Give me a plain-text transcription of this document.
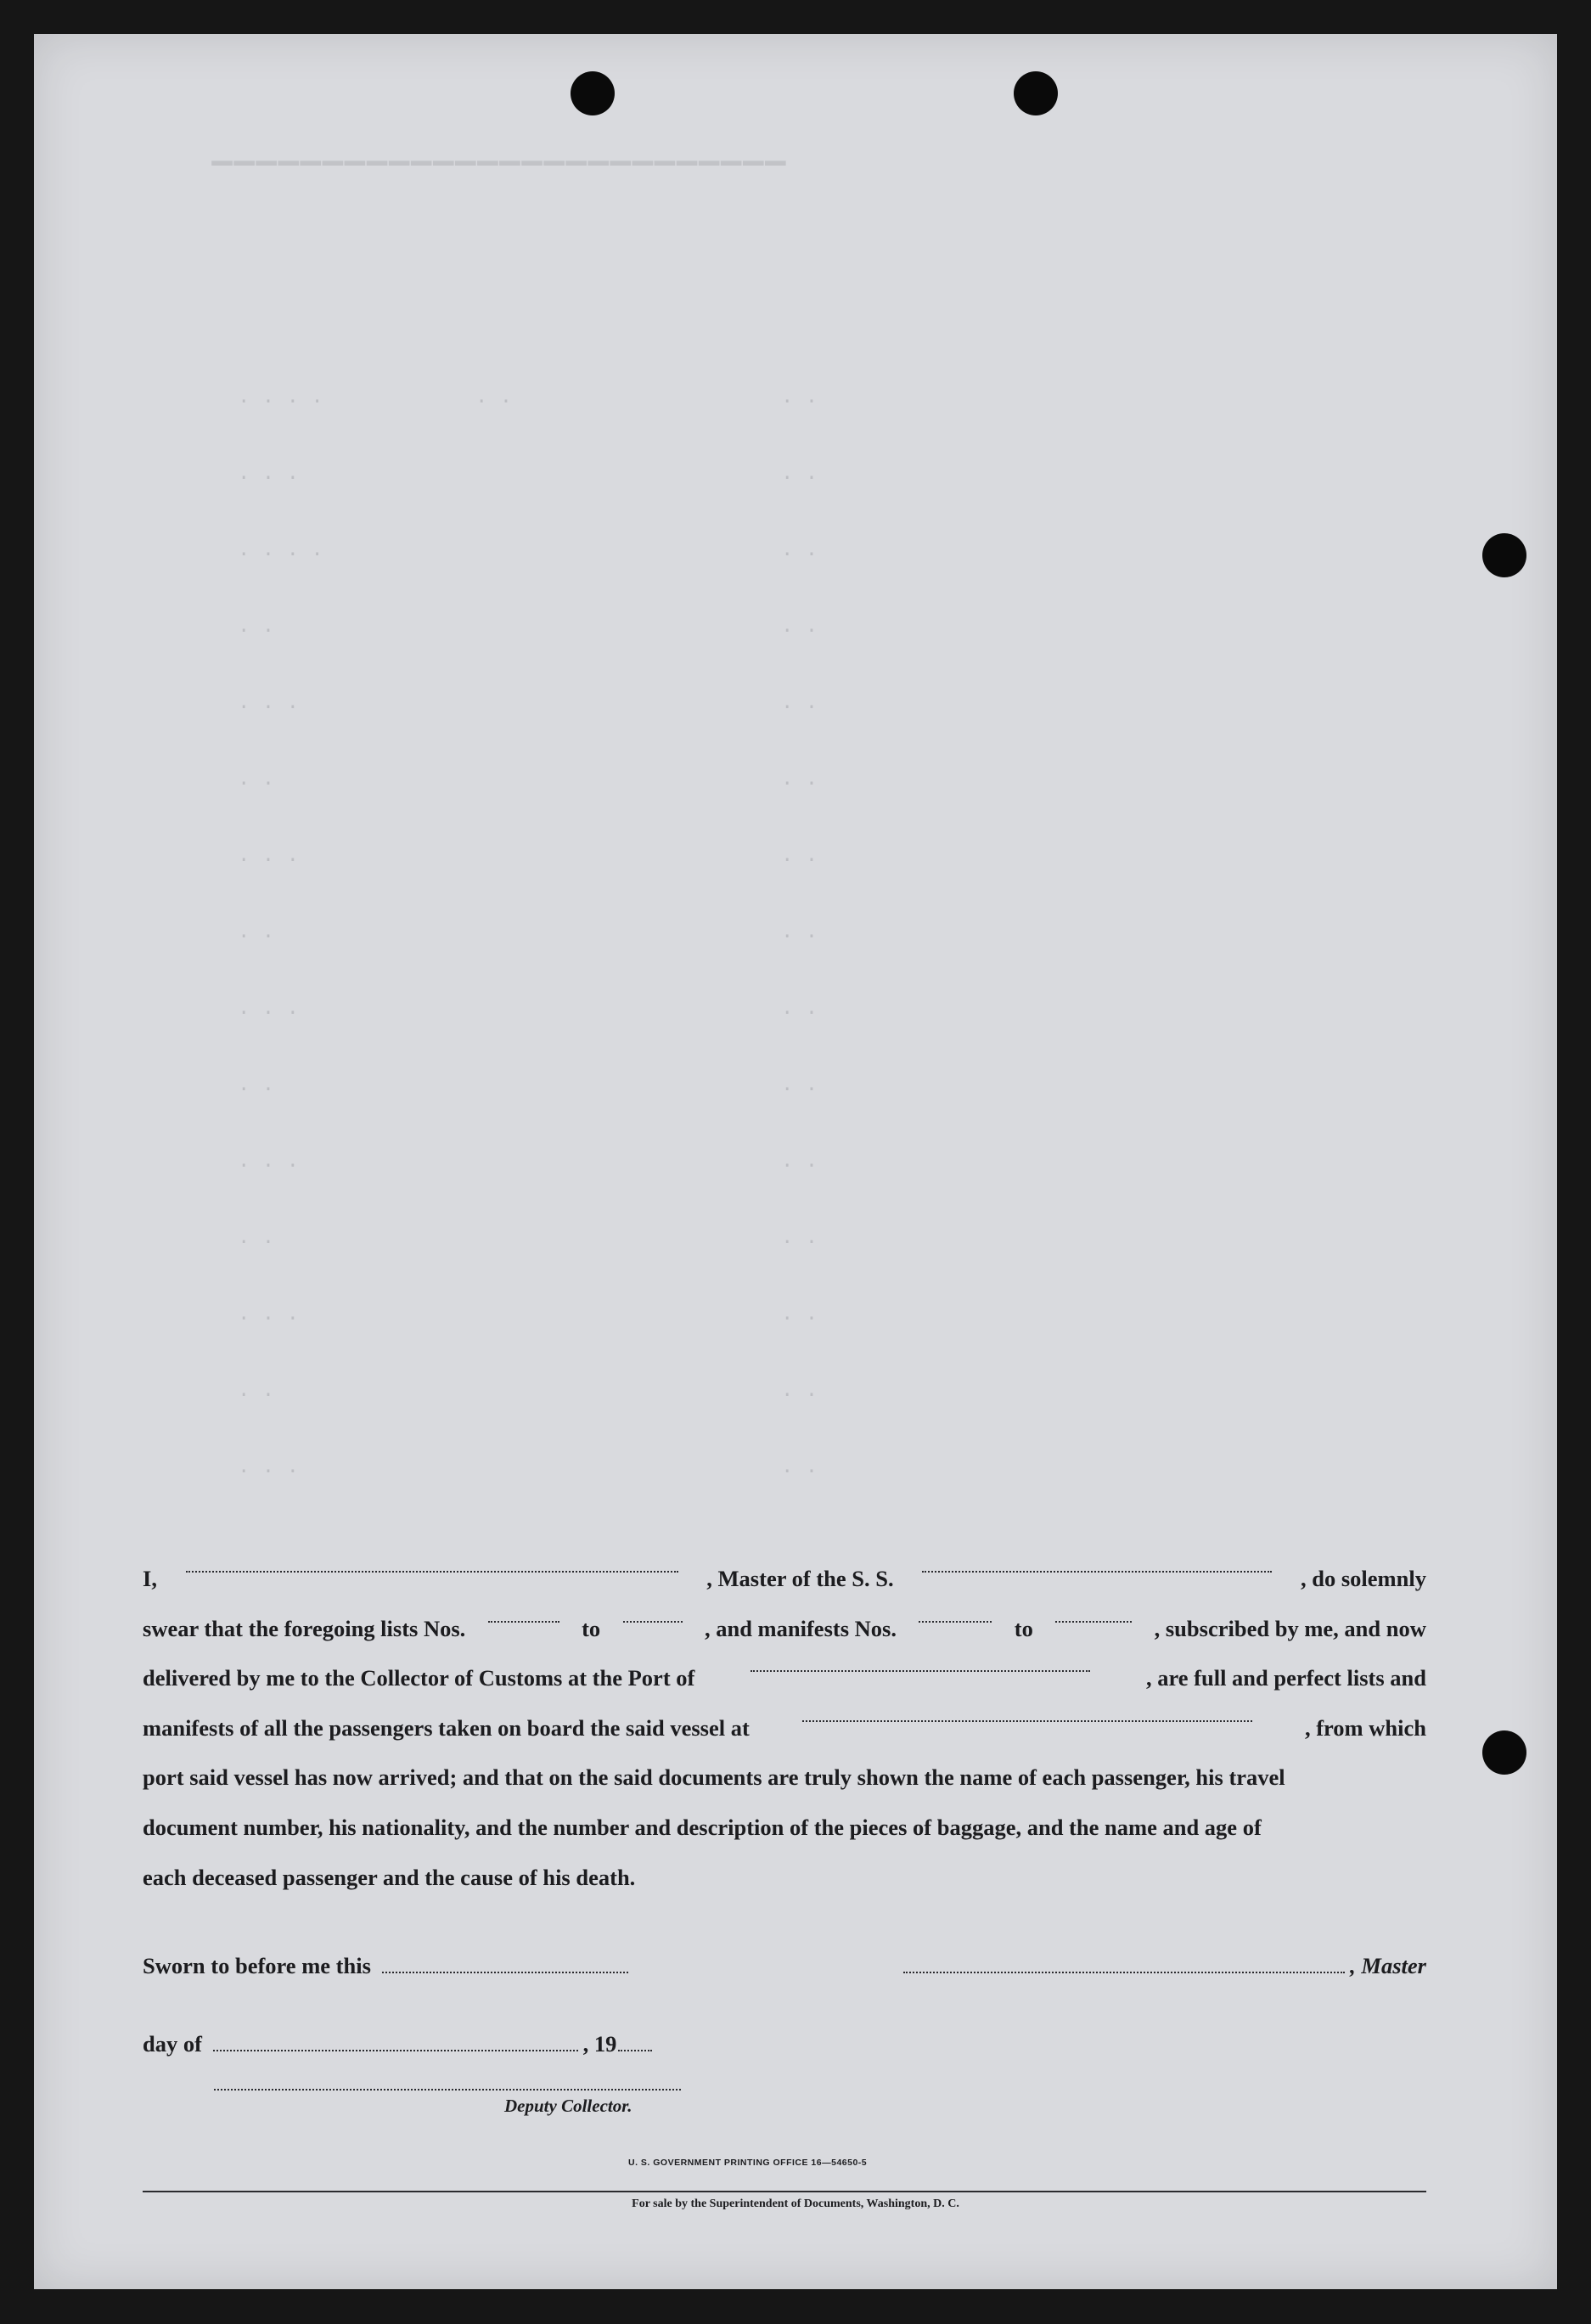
▁▁▁▁▁▁▁▁▁▁▁▁▁▁▁▁▁▁▁▁▁▁▁▁▁▁
· · · ·	· ·	· ·
· · ·	· ·
· · · ·	· ·
· ·	· ·
· · ·	· ·
· ·	· ·
· · ·	· ·
· ·	· ·
· · ·	· ·
· ·	· ·
· · ·	· ·
· ·	· ·
· · ·	· ·
· ·	· ·
· · ·	· ·
I,	, Master of the S. S.	, do solemnly
swear that the foregoing lists Nos.	to	, and manifests Nos.	to	, subscribed by me, and now
delivered by me to the Collector of Customs at the Port of	, are full and perfect lists and
manifests of all the passengers taken on board the said vessel at	, from which
port said vessel has now arrived; and that on the said documents are truly shown the name of each passenger, his travel
document number, his nationality, and the number and description of the pieces of baggage, and the name and age of
each deceased passenger and the cause of his death.
Sworn to before me this	, Master
day of	, 19
Deputy Collector.
U. S. GOVERNMENT PRINTING OFFICE 16—54650-5
For sale by the Superintendent of Documents, Washington, D. C.
